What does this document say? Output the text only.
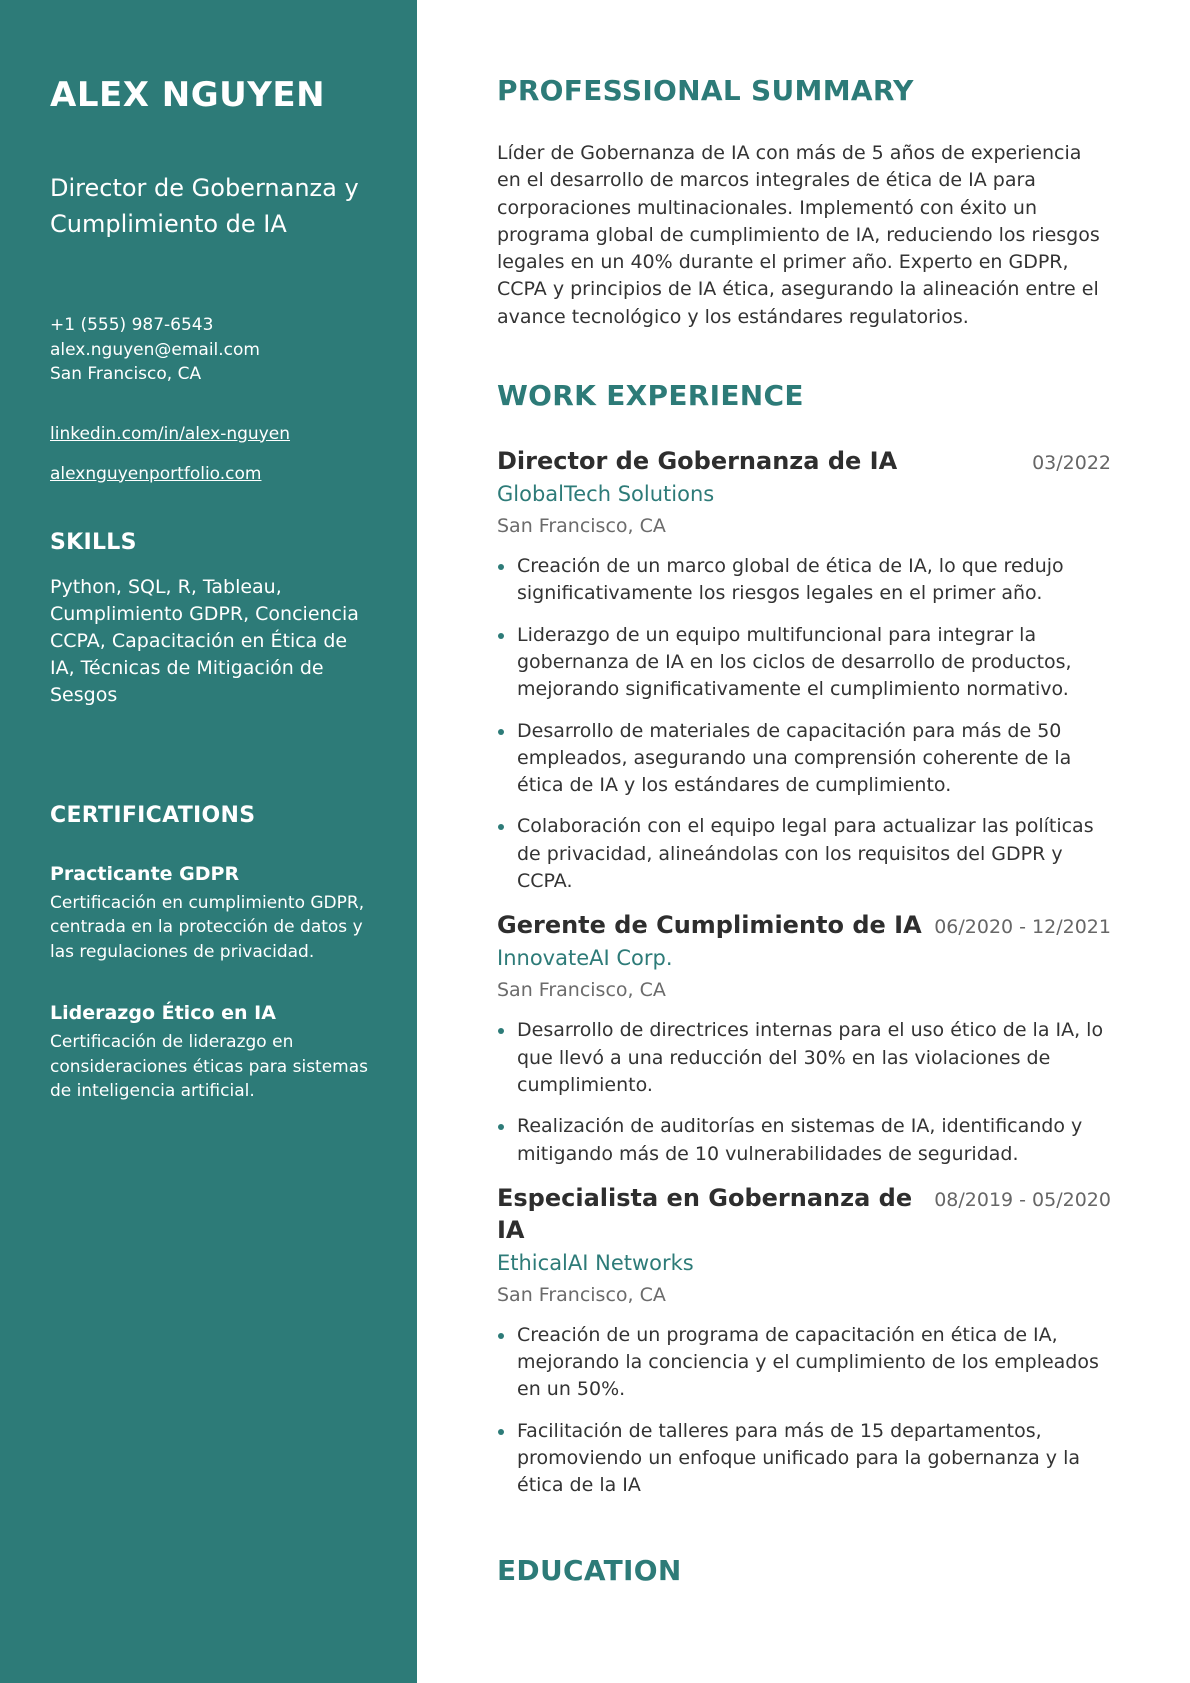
ALEX NGUYEN
Director de Gobernanza y Cumplimiento de IA
+1 (555) 987-6543
alex.nguyen@email.com
San Francisco, CA
linkedin.com/in/alex-nguyen
alexnguyenportfolio.com
SKILLS
Python, SQL, R, Tableau, Cumplimiento GDPR, Conciencia CCPA, Capacitación en Ética de IA, Técnicas de Mitigación de Sesgos
CERTIFICATIONS
Practicante GDPR
Certificación en cumplimiento GDPR, centrada en la protección de datos y las regulaciones de privacidad.
Liderazgo Ético en IA
Certificación de liderazgo en consideraciones éticas para sistemas de inteligencia artificial.
PROFESSIONAL SUMMARY

Líder de Gobernanza de IA con más de 5 años de experiencia en el desarrollo de marcos integrales de ética de IA para corporaciones multinacionales. Implementó con éxito un programa global de cumplimiento de IA, reduciendo los riesgos legales en un 40% durante el primer año. Experto en GDPR, CCPA y principios de IA ética, asegurando la alineación entre el avance tecnológico y los estándares regulatorios.

WORK EXPERIENCE
Director de Gobernanza de IA	03/2022
GlobalTech Solutions
San Francisco, CA
Creación de un marco global de ética de IA, lo que redujo significativamente los riesgos legales en el primer año.
Liderazgo de un equipo multifuncional para integrar la gobernanza de IA en los ciclos de desarrollo de productos, mejorando significativamente el cumplimiento normativo.
Desarrollo de materiales de capacitación para más de 50 empleados, asegurando una comprensión coherente de la ética de IA y los estándares de cumplimiento.
Colaboración con el equipo legal para actualizar las políticas de privacidad, alineándolas con los requisitos del GDPR y CCPA.
Gerente de Cumplimiento de IA 06/2020 - 12/2021
InnovateAI Corp.
San Francisco, CA
Desarrollo de directrices internas para el uso ético de la IA, lo que llevó a una reducción del 30% en las violaciones de cumplimiento.
Realización de auditorías en sistemas de IA, identificando y mitigando más de 10 vulnerabilidades de seguridad.
Especialista en Gobernanza de IA
08/2019 - 05/2020
EthicalAI Networks
San Francisco, CA
Creación de un programa de capacitación en ética de IA, mejorando la conciencia y el cumplimiento de los empleados en un 50%.
Facilitación de talleres para más de 15 departamentos, promoviendo un enfoque unificado para la gobernanza y la ética de la IA
EDUCATION
